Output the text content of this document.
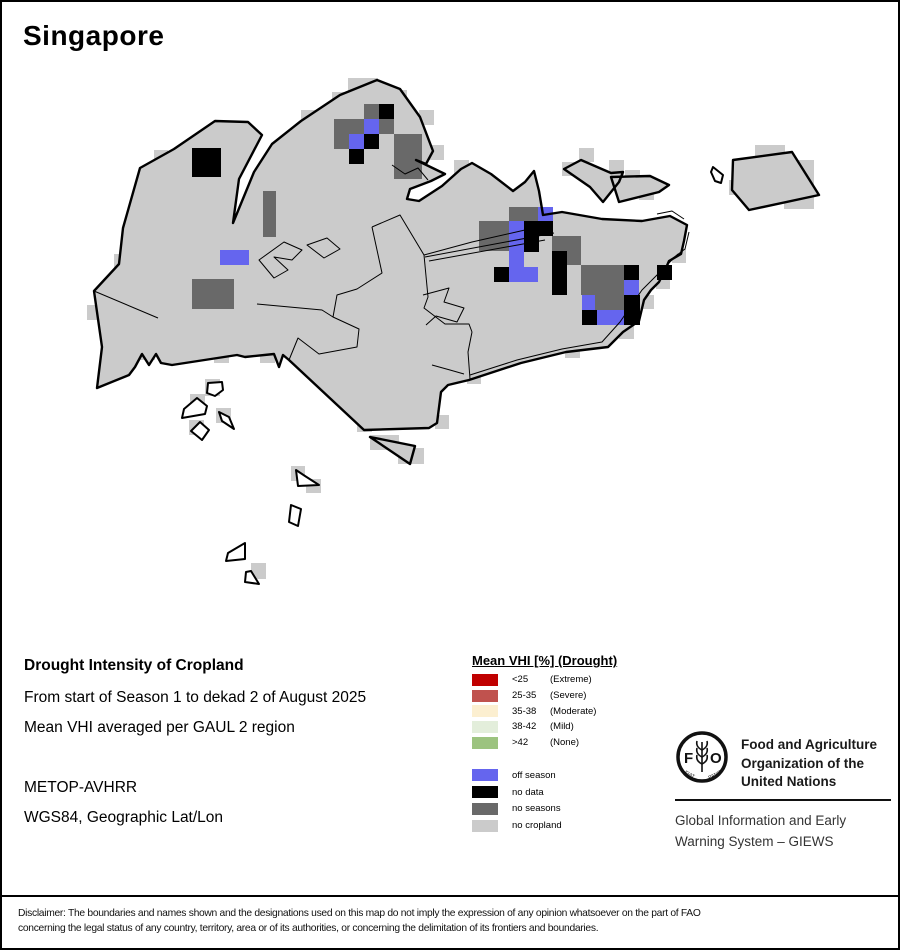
Singapore

Drought Intensity of Cropland

From start of Season 1 to dekad 2 of August 2025

Mean VHI averaged per GAUL 2 region

METOP-AVHRR

WGS84, Geographic Lat/Lon

Mean VHI [%] (Drought)
<25	(Extreme)
25-35	(Severe)
35-38	(Moderate)
38-42	(Mild)
>42	(None)
off season
no data
no seasons
no cropland
F O
FIAT PANIS
Food and Agriculture
Organization of the
United Nations
Global Information and Early
Warning System – GIEWS
Disclaimer: The boundaries and names shown and the designations used on this map do not imply the expression of any opinion whatsoever on the part of FAO
concerning the legal status of any country, territory, area or of its authorities, or concerning the delimitation of its frontiers and boundaries.
